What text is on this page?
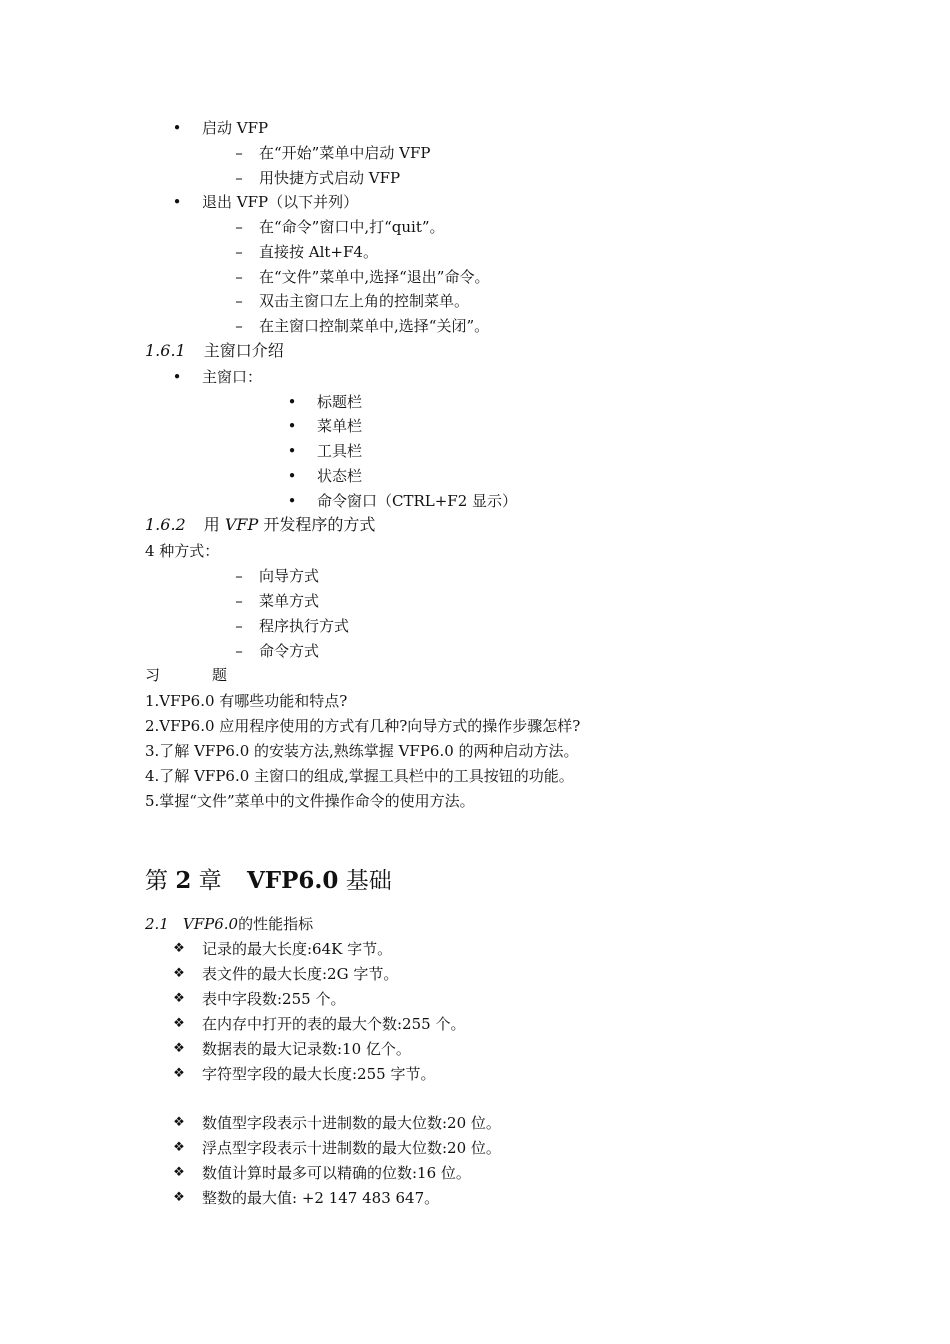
• 启动 VFP
– 在“开始”菜单中启动 VFP
– 用快捷方式启动 VFP
• 退出 VFP（以下并列）
– 在“命令”窗口中,打“quit”。
– 直接按 Alt+F4。
– 在“文件”菜单中,选择“退出”命令。
– 双击主窗口左上角的控制菜单。
– 在主窗口控制菜单中,选择“关闭”。
1.6.1 主窗口介绍
• 主窗口：
• 标题栏
• 菜单栏
• 工具栏
• 状态栏
• 命令窗口（CTRL+F2 显示）
1.6.2 用 VFP 开发程序的方式
4 种方式：
– 向导方式
– 菜单方式
– 程序执行方式
– 命令方式
习	题
1.VFP6.0 有哪些功能和特点?
2.VFP6.0 应用程序使用的方式有几种?向导方式的操作步骤怎样?
3.了解 VFP6.0 的安装方法,熟练掌握 VFP6.0 的两种启动方法。
4.了解 VFP6.0 主窗口的组成,掌握工具栏中的工具按钮的功能。
5.掌握“文件”菜单中的文件操作命令的使用方法。
第 2 章 VFP6.0 基础
2.1 VFP6.0的性能指标
❖ 记录的最大长度:64K 字节。
❖ 表文件的最大长度:2G 字节。
❖ 表中字段数:255 个。
❖ 在内存中打开的表的最大个数:255 个。
❖ 数据表的最大记录数:10 亿个。
❖ 字符型字段的最大长度:255 字节。
❖ 数值型字段表示十进制数的最大位数:20 位。
❖ 浮点型字段表示十进制数的最大位数:20 位。
❖ 数值计算时最多可以精确的位数:16 位。
❖ 整数的最大值: +2 147 483 647。
